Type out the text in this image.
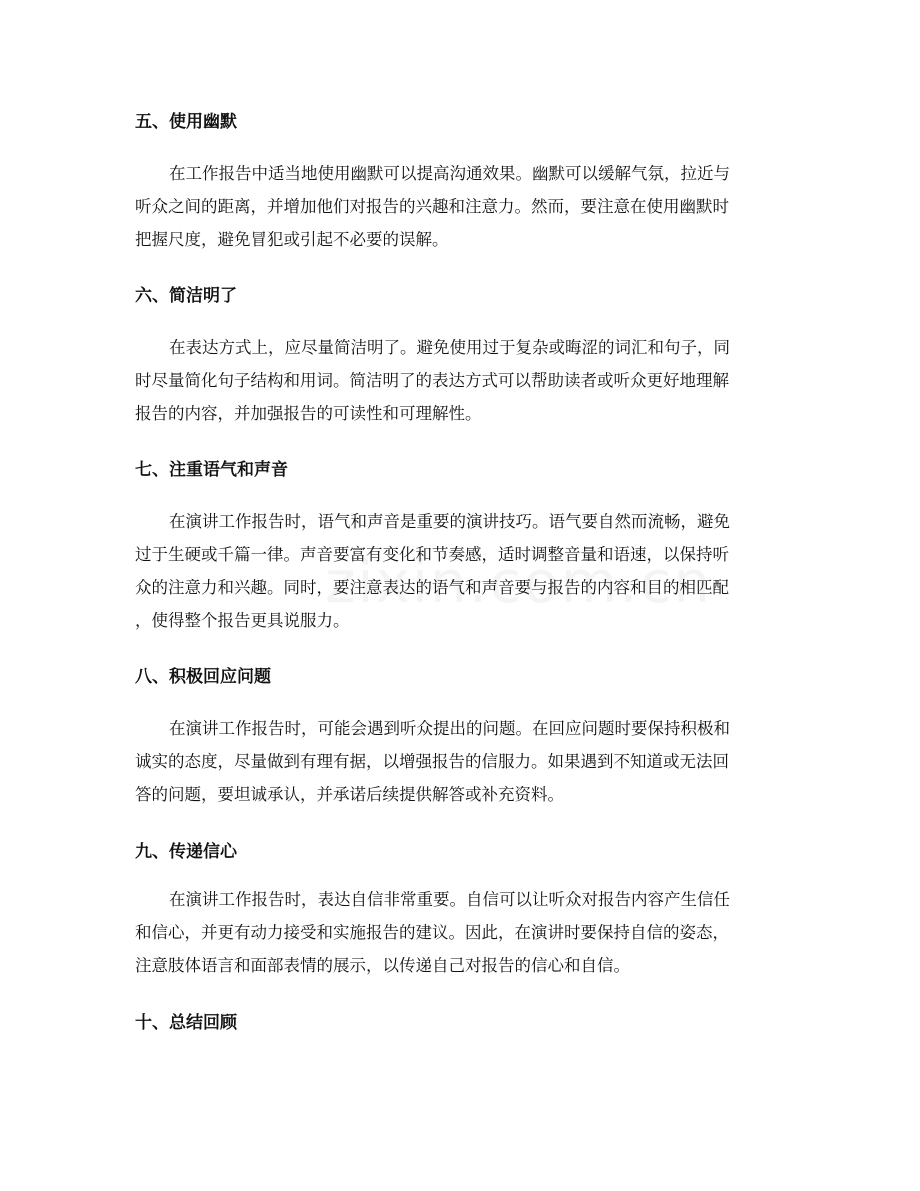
五、使用幽默
在工作报告中适当地使用幽默可以提高沟通效果。幽默可以缓解气氛，拉近与
听众之间的距离，并增加他们对报告的兴趣和注意力。然而，要注意在使用幽默时
把握尺度，避免冒犯或引起不必要的误解。
六、简洁明了
在表达方式上，应尽量简洁明了。避免使用过于复杂或晦涩的词汇和句子，同
时尽量简化句子结构和用词。简洁明了的表达方式可以帮助读者或听众更好地理解
报告的内容，并加强报告的可读性和可理解性。
七、注重语气和声音
在演讲工作报告时，语气和声音是重要的演讲技巧。语气要自然而流畅，避免
过于生硬或千篇一律。声音要富有变化和节奏感，适时调整音量和语速，以保持听
众的注意力和兴趣。同时，要注意表达的语气和声音要与报告的内容和目的相匹配
，使得整个报告更具说服力。
八、积极回应问题
在演讲工作报告时，可能会遇到听众提出的问题。在回应问题时要保持积极和
诚实的态度，尽量做到有理有据，以增强报告的信服力。如果遇到不知道或无法回
答的问题，要坦诚承认，并承诺后续提供解答或补充资料。
九、传递信心
在演讲工作报告时，表达自信非常重要。自信可以让听众对报告内容产生信任
和信心，并更有动力接受和实施报告的建议。因此，在演讲时要保持自信的姿态，
注意肢体语言和面部表情的展示，以传递自己对报告的信心和自信。
十、总结回顾
